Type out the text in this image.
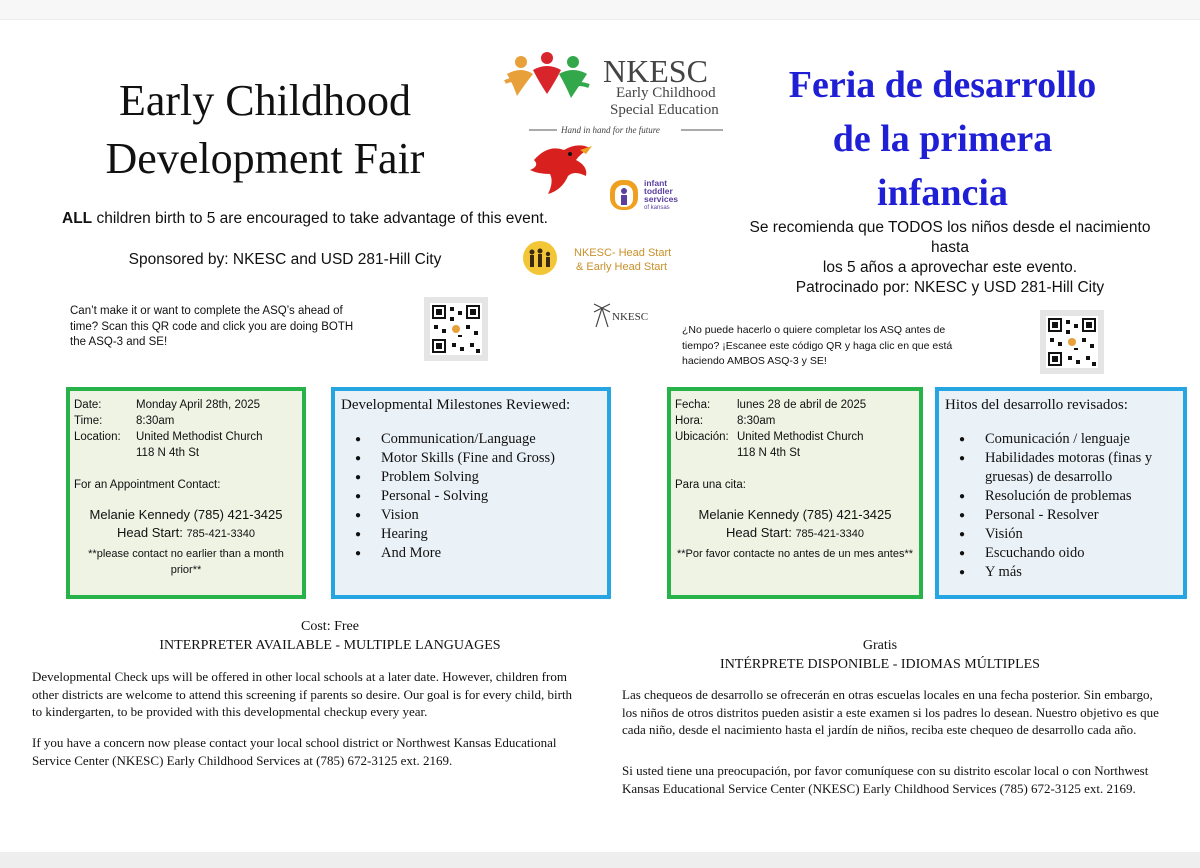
Early Childhood
Development Fair
Feria de desarrollo
de la primera
infancia
NKESC
Early Childhood
Special Education
Hand in hand for the future
infant
toddler
services
of kansas
NKESC- Head Start
& Early Head Start
NKESC
ALL children birth to 5 are encouraged to take advantage of this event.
Sponsored by: NKESC and USD 281-Hill City
Se recomienda que TODOS los niños desde el nacimiento hasta
los 5 años a aprovechar este evento.
Patrocinado por: NKESC y USD 281-Hill City
Can’t make it or want to complete the ASQ’s ahead of time? Scan this QR code and click you are doing BOTH the ASQ-3 and SE!
¿No puede hacerlo o quiere completar los ASQ antes de tiempo? ¡Escanee este código QR y haga clic en que está haciendo AMBOS ASQ-3 y SE!
Date:	Monday April 28th, 2025
Time:	8:30am
Location:	United Methodist Church
118 N 4th St
For an Appointment Contact:
Melanie Kennedy (785) 421-3425
Head Start: 785-421-3340
**please contact no earlier than a month prior**
Developmental Milestones Reviewed:
●	Communication/Language
●	Motor Skills (Fine and Gross)
●	Problem Solving
●	Personal - Solving
●	Vision
●	Hearing
●	And More
Fecha:	lunes 28 de abril de 2025
Hora:	8:30am
Ubicación: United Methodist Church
118 N 4th St
Para una cita:
Melanie Kennedy (785) 421-3425
Head Start: 785-421-3340
**Por favor contacte no antes de un mes antes**
Hitos del desarrollo revisados:
●	Comunicación / lenguaje
●	Habilidades motoras (finas y gruesas) de desarrollo
●	Resolución de problemas
●	Personal - Resolver
●	Visión
●	Escuchando oido
●	Y más
Cost: Free
INTERPRETER AVAILABLE - MULTIPLE LANGUAGES	Gratis
INTÉRPRETE DISPONIBLE - IDIOMAS MÚLTIPLES
Developmental Check ups will be offered in other local schools at a later date. However, children from other districts are welcome to attend this screening if parents so desire. Our goal is for every child, birth to kindergarten, to be provided with this developmental checkup every year.
If you have a concern now please contact your local school district or Northwest Kansas Educational Service Center (NKESC) Early Childhood Services at (785) 672-3125 ext. 2169.
Las chequeos de desarrollo se ofrecerán en otras escuelas locales en una fecha posterior. Sin embargo, los niños de otros distritos pueden asistir a este examen si los padres lo desean. Nuestro objetivo es que cada niño, desde el nacimiento hasta el jardín de niños, reciba este chequeo de desarrollo cada año.
Si usted tiene una preocupación, por favor comuníquese con su distrito escolar local o con Northwest Kansas Educational Service Center (NKESC) Early Childhood Services (785) 672-3125 ext. 2169.
